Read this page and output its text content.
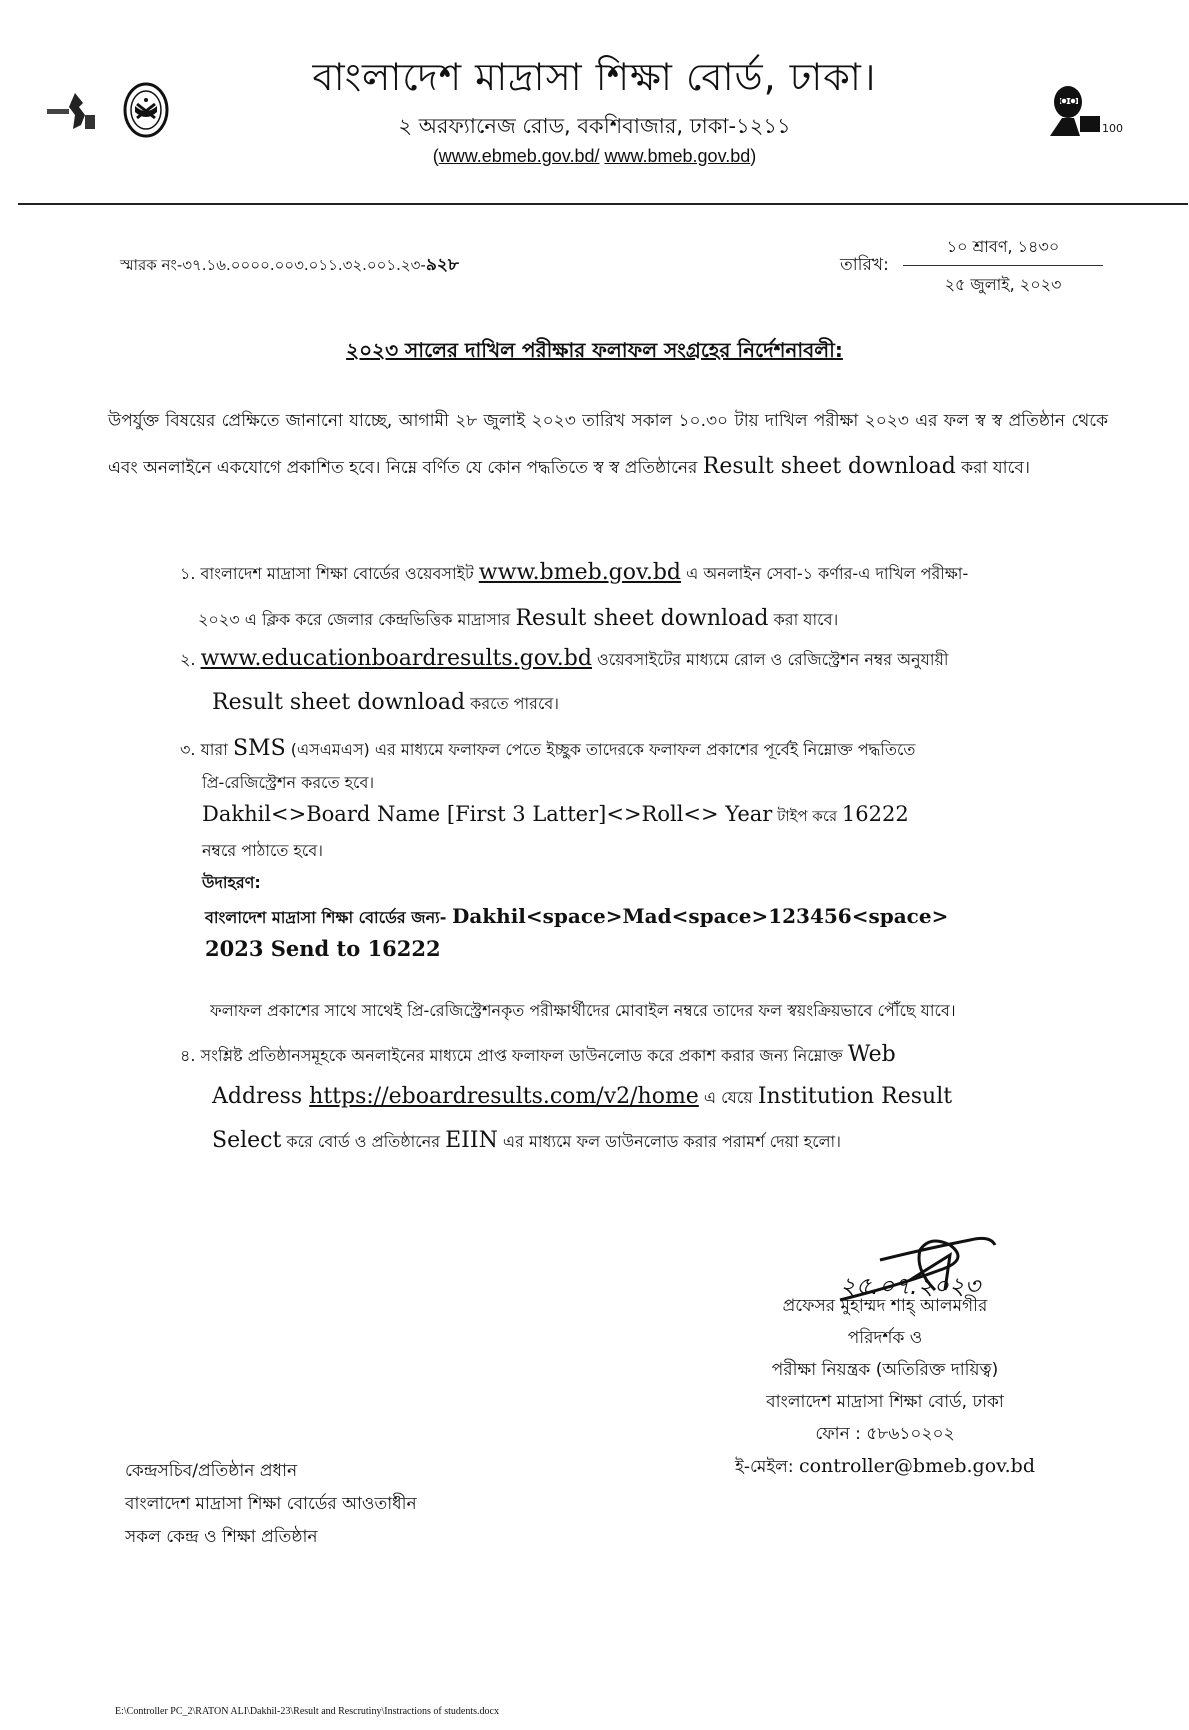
100
বাংলাদেশ মাদ্রাসা শিক্ষা বোর্ড, ঢাকা।
২ অরফ্যানেজ রোড, বকশিবাজার, ঢাকা-১২১১
(www.ebmeb.gov.bd/ www.bmeb.gov.bd)
স্মারক নং-৩৭.১৬.০০০০.০০৩.০১১.৩২.০০১.২৩-৯২৮	তারিখ:
১০ শ্রাবণ, ১৪৩০
২৫ জুলাই, ২০২৩
২০২৩ সালের দাখিল পরীক্ষার ফলাফল সংগ্রহের নির্দেশনাবলী:
উপর্যুক্ত বিষয়ের প্রেক্ষিতে জানানো যাচ্ছে, আগামী ২৮ জুলাই ২০২৩ তারিখ সকাল ১০.৩০ টায় দাখিল পরীক্ষা ২০২৩ এর ফল স্ব স্ব প্রতিষ্ঠান থেকে এবং অনলাইনে একযোগে প্রকাশিত হবে। নিম্নে বর্ণিত যে কোন পদ্ধতিতে স্ব স্ব প্রতিষ্ঠানের Result sheet download করা যাবে।
১. বাংলাদেশ মাদ্রাসা শিক্ষা বোর্ডের ওয়েবসাইট www.bmeb.gov.bd এ অনলাইন সেবা-১ কর্ণার-এ দাখিল পরীক্ষা-
২০২৩ এ ক্লিক করে জেলার কেন্দ্রভিত্তিক মাদ্রাসার Result sheet download করা যাবে।
২. www.educationboardresults.gov.bd ওয়েবসাইটের মাধ্যমে রোল ও রেজিস্ট্রেশন নম্বর অনুযায়ী
Result sheet download করতে পারবে।
৩. যারা SMS (এসএমএস) এর মাধ্যমে ফলাফল পেতে ইচ্ছুক তাদেরকে ফলাফল প্রকাশের পূর্বেই নিম্নোক্ত পদ্ধতিতে
প্রি-রেজিস্ট্রেশন করতে হবে।
Dakhil<>Board Name [First 3 Latter]<>Roll<> Year টাইপ করে 16222
নম্বরে পাঠাতে হবে।
উদাহরণ:
বাংলাদেশ মাদ্রাসা শিক্ষা বোর্ডের জন্য- Dakhil<space>Mad<space>123456<space>
2023 Send to 16222
ফলাফল প্রকাশের সাথে সাথেই প্রি-রেজিস্ট্রেশনকৃত পরীক্ষার্থীদের মোবাইল নম্বরে তাদের ফল স্বয়ংক্রিয়ভাবে পৌঁছে যাবে।
৪. সংশ্লিষ্ট প্রতিষ্ঠানসমূহকে অনলাইনের মাধ্যমে প্রাপ্ত ফলাফল ডাউনলোড করে প্রকাশ করার জন্য নিম্নোক্ত Web
Address https://eboardresults.com/v2/home এ যেয়ে Institution Result
Select করে বোর্ড ও প্রতিষ্ঠানের EIIN এর মাধ্যমে ফল ডাউনলোড করার পরামর্শ দেয়া হলো।
২৫.০৭.২০২৩
প্রফেসর মুহাম্মদ শাহ্ আলমগীর
পরিদর্শক ও
পরীক্ষা নিয়ন্ত্রক (অতিরিক্ত দায়িত্ব)
বাংলাদেশ মাদ্রাসা শিক্ষা বোর্ড, ঢাকা
ফোন : ৫৮৬১০২০২
ই-মেইল: controller@bmeb.gov.bd
কেন্দ্রসচিব/প্রতিষ্ঠান প্রধান
বাংলাদেশ মাদ্রাসা শিক্ষা বোর্ডের আওতাধীন
সকল কেন্দ্র ও শিক্ষা প্রতিষ্ঠান
E:\Controller PC_2\RATON ALI\Dakhil-23\Result and Rescrutiny\Instractions of students.docx
